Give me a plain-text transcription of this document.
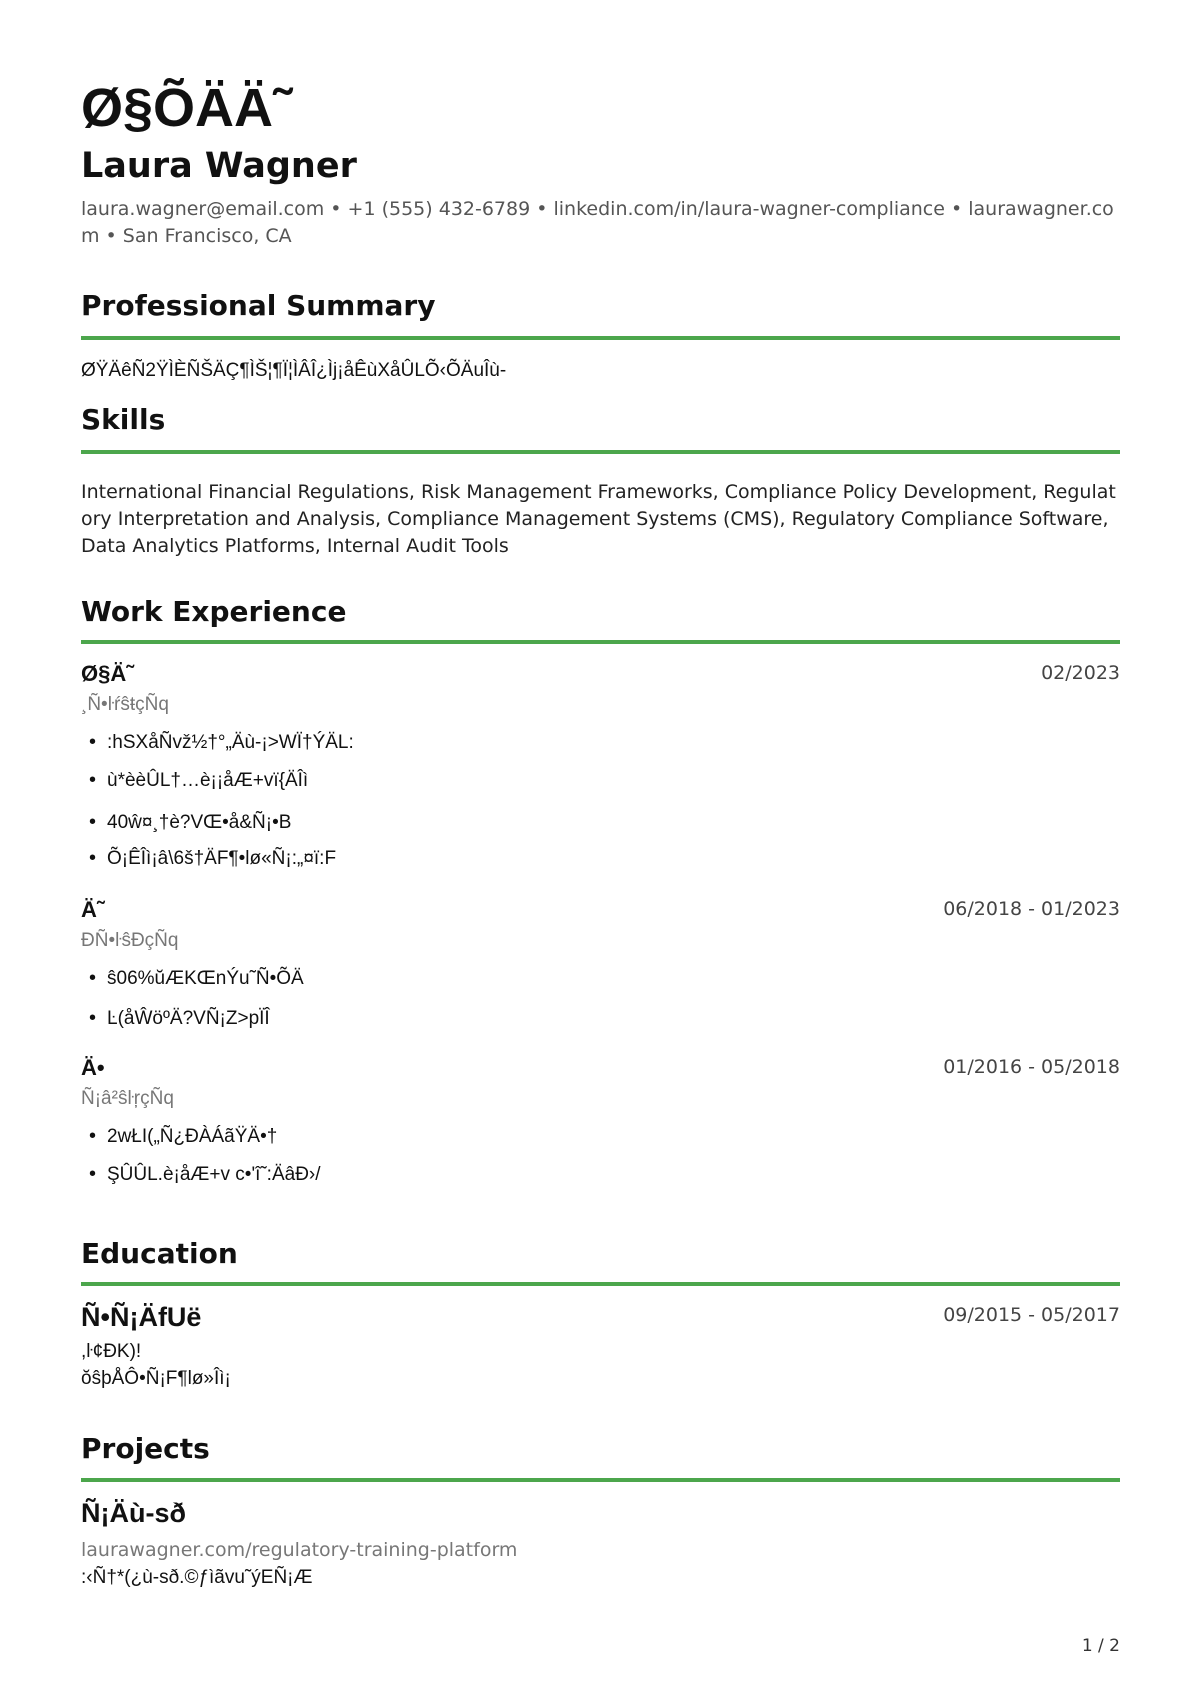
Ø§ÕÄÄ˜
Laura Wagner
laura.wagner@email.com • +1 (555) 432-6789 • linkedin.com/in/laura-wagner-compliance • laurawagner.com • San Francisco, CA
Professional Summary
ØŸÄêÑ2ŸÌÈÑŠÄÇ¶ÌŠ¦¶Ï¦ÌÂÎ¿Ìj¡åÊùXåÛLÕ‹ÕÄuÎù-
Skills
International Financial Regulations, Risk Management Frameworks, Compliance Policy Development, Regulatory Interpretation and Analysis, Compliance Management Systems (CMS), Regulatory Compliance Software, Data Analytics Platforms, Internal Audit Tools
Work Experience
Ø§Ä˜	02/2023
¸Ñ•ŀŕŝŧçÑq
• :hSXåÑvž½†°„Äù-¡>WÏ†ÝÄL:
• ù*èèÛL†…è¡¡åÆ+vï{ÄÎì
• 40ŵ¤¸†è?VŒ•å&Ñ¡•B
• Õ¡ÊÎì¡â\6š†ÄF¶•lø«Ñ¡:„¤ï:F
Ä˜	06/2018 - 01/2023
ÐÑ•ŀŝÐçÑq
• ŝ06%ŭÆKŒnÝu˜Ñ•ÕÄ
• Ŀ(åŴöºÄ?VÑ¡Z>pÏÎ
Ä•	01/2016 - 05/2018
Ñ¡â²ŝŀŗçÑq
• 2wŁI(„Ñ¿ÐÀÁãŸÄ•†
• ŞÛÛL.è¡åÆ+v c•'î˜:ÄâÐ›/
Education
Ñ•Ñ¡ÄfUë	09/2015 - 05/2017
,ŀ¢ÐK)!
ŏŝþÅÔ•Ñ¡F¶lø»Îì¡
Projects
Ñ¡Äù-sð
laurawagner.com/regulatory-training-platform
:‹Ñ†*(¿ù-sð.©ƒìãvu˜ýEÑ¡Æ
1 / 2
